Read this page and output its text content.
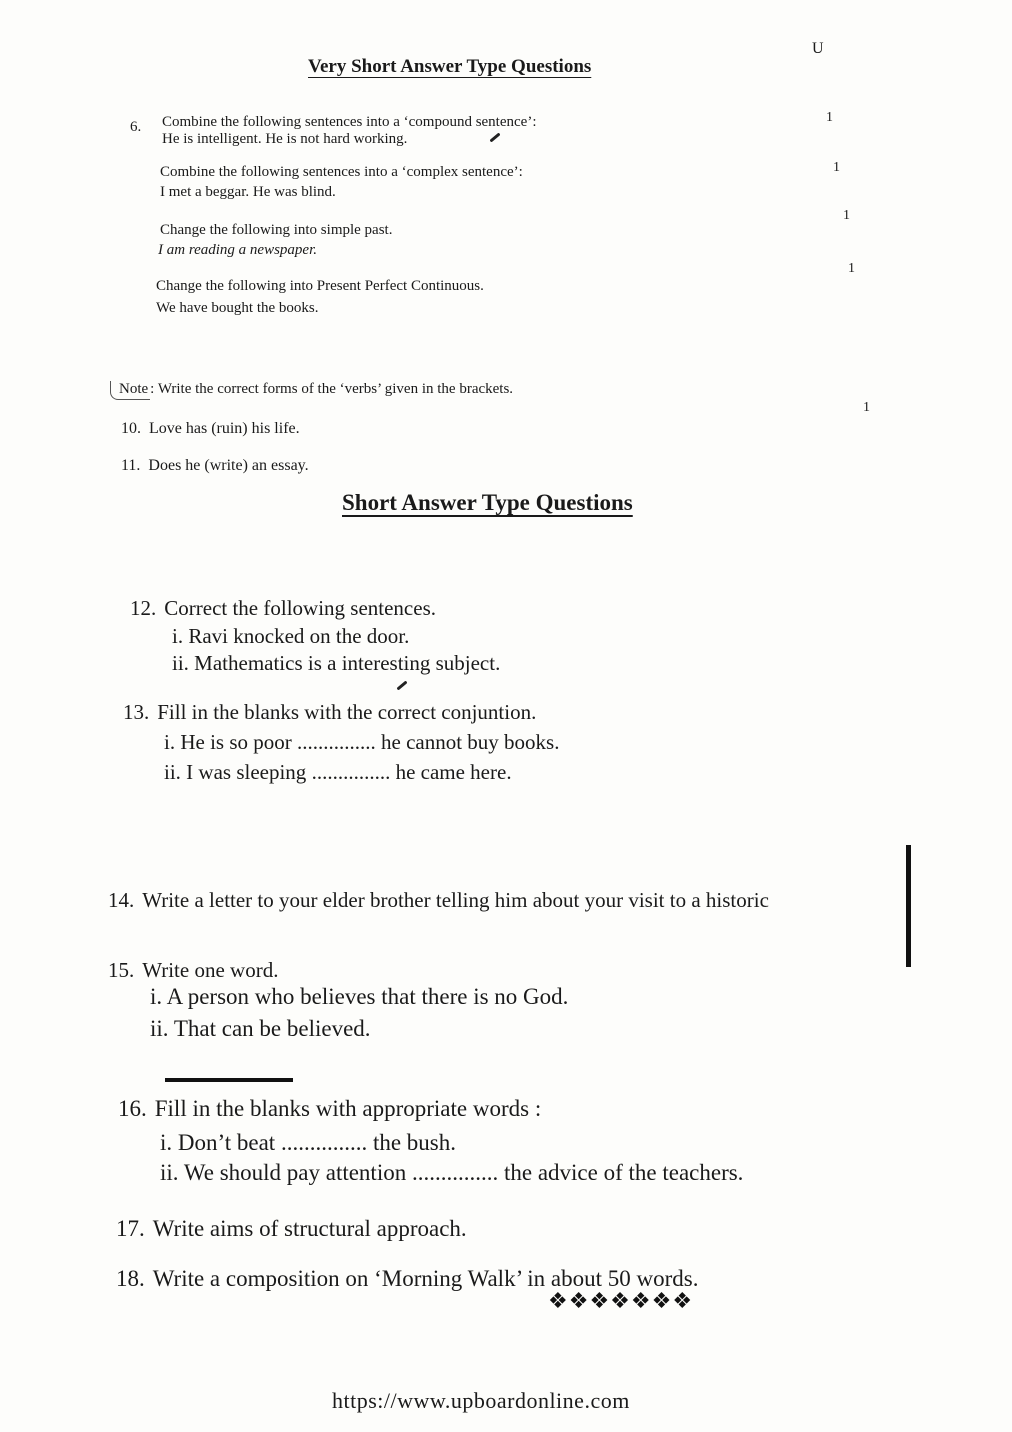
U
Very Short Answer Type Questions
6. Combine the following sentences into a ‘compound sentence’:
He is intelligent. He is not hard working.
1
Combine the following sentences into a ‘complex sentence’:
I met a beggar. He was blind.
1
Change the following into simple past.
I am reading a newspaper.
1
Change the following into Present Perfect Continuous.
We have bought the books.
1
Note : Write the correct forms of the ‘verbs’ given in the brackets.
1
10. Love has (ruin) his life.
11. Does he (write) an essay.
Short Answer Type Questions
12. Correct the following sentences.
i. Ravi knocked on the door.
ii. Mathematics is a interesting subject.
13. Fill in the blanks with the correct conjuntion.
i. He is so poor ............... he cannot buy books.
ii. I was sleeping ............... he came here.
14. Write a letter to your elder brother telling him about your visit to a historic
15. Write one word.
i. A person who believes that there is no God.
ii. That can be believed.
16. Fill in the blanks with appropriate words :
i. Don’t beat ............... the bush.
ii. We should pay attention ............... the advice of the teachers.
17. Write aims of structural approach.
18. Write a composition on ‘Morning Walk’ in about 50 words.
❖❖❖❖❖❖❖
https://www.upboardonline.com
